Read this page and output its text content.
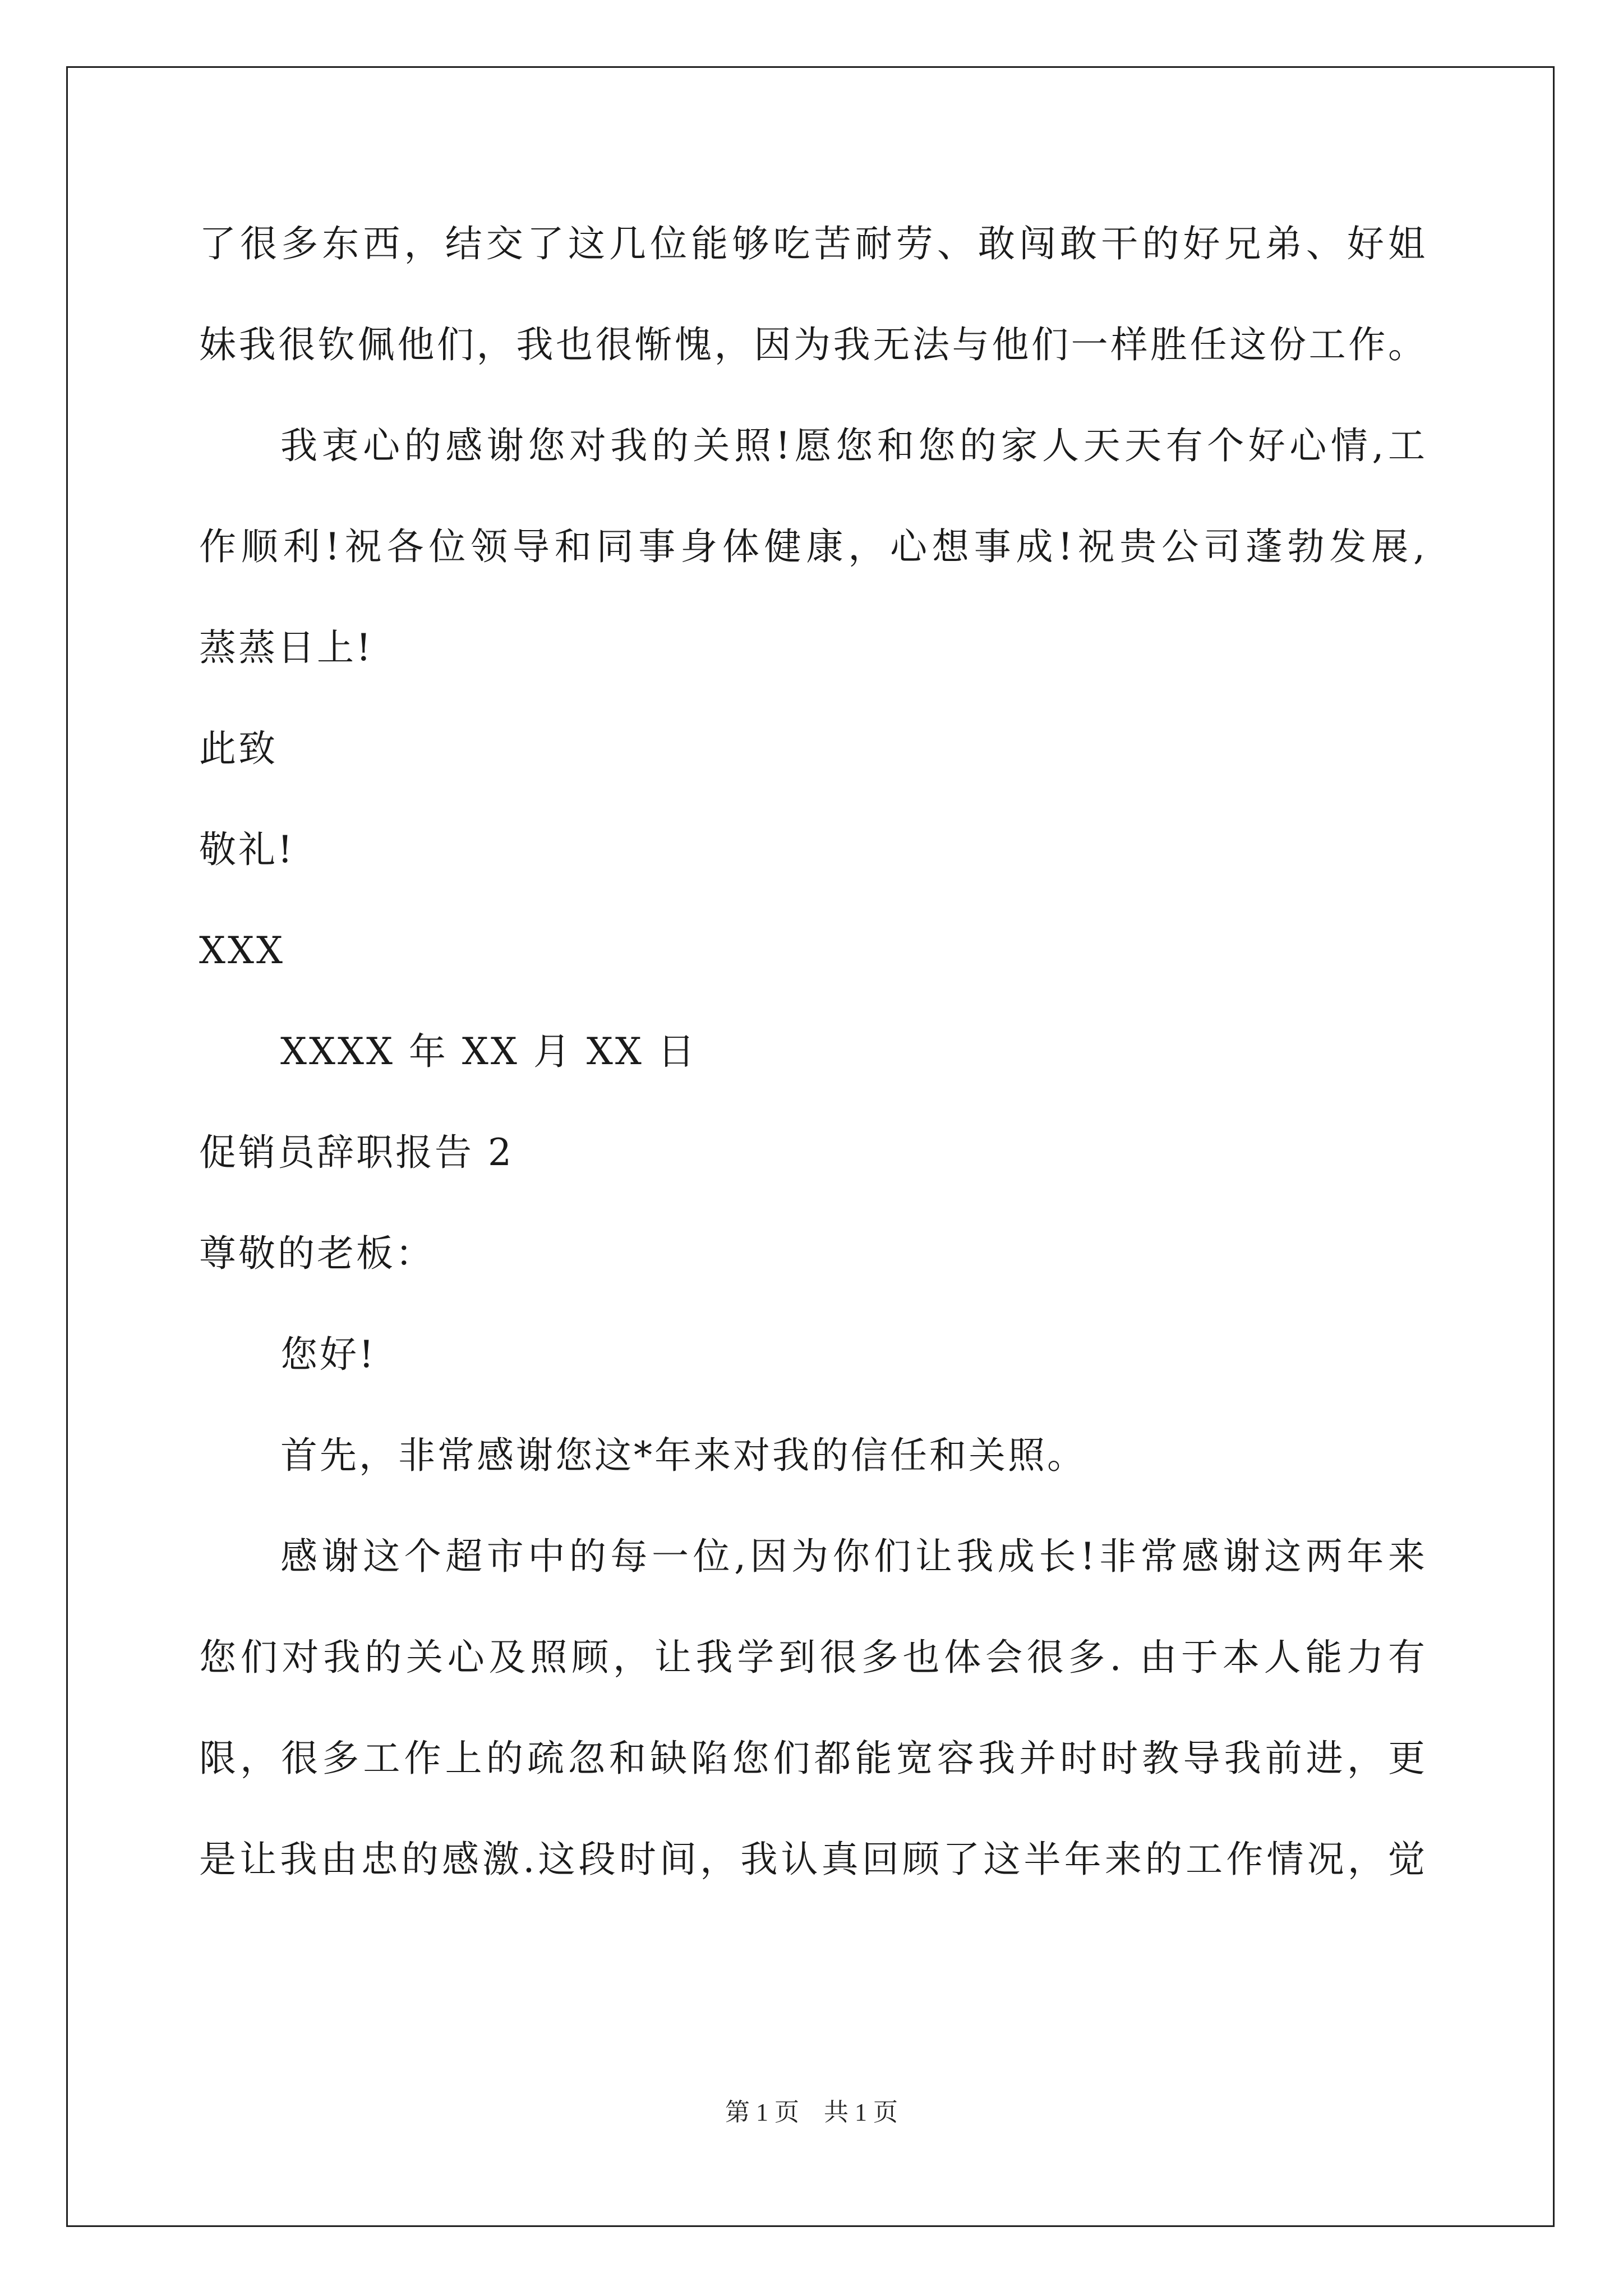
了很多东西，结交了这几位能够吃苦耐劳、敢闯敢干的好兄弟、好姐
妹我很钦佩他们，我也很惭愧，因为我无法与他们一样胜任这份工作。
我衷心的感谢您对我的关照!愿您和您的家人天天有个好心情,工
作顺利!祝各位领导和同事身体健康，心想事成!祝贵公司蓬勃发展,
蒸蒸日上!
此致
敬礼!
XXX
XXXX 年 XX 月 XX 日
促销员辞职报告 2
尊敬的老板：
您好!
首先，非常感谢您这*年来对我的信任和关照。
感谢这个超市中的每一位,因为你们让我成长!非常感谢这两年来
您们对我的关心及照顾，让我学到很多也体会很多. 由于本人能力有
限，很多工作上的疏忽和缺陷您们都能宽容我并时时教导我前进，更
是让我由忠的感激.这段时间，我认真回顾了这半年来的工作情况，觉
第 1 页　共 1 页
